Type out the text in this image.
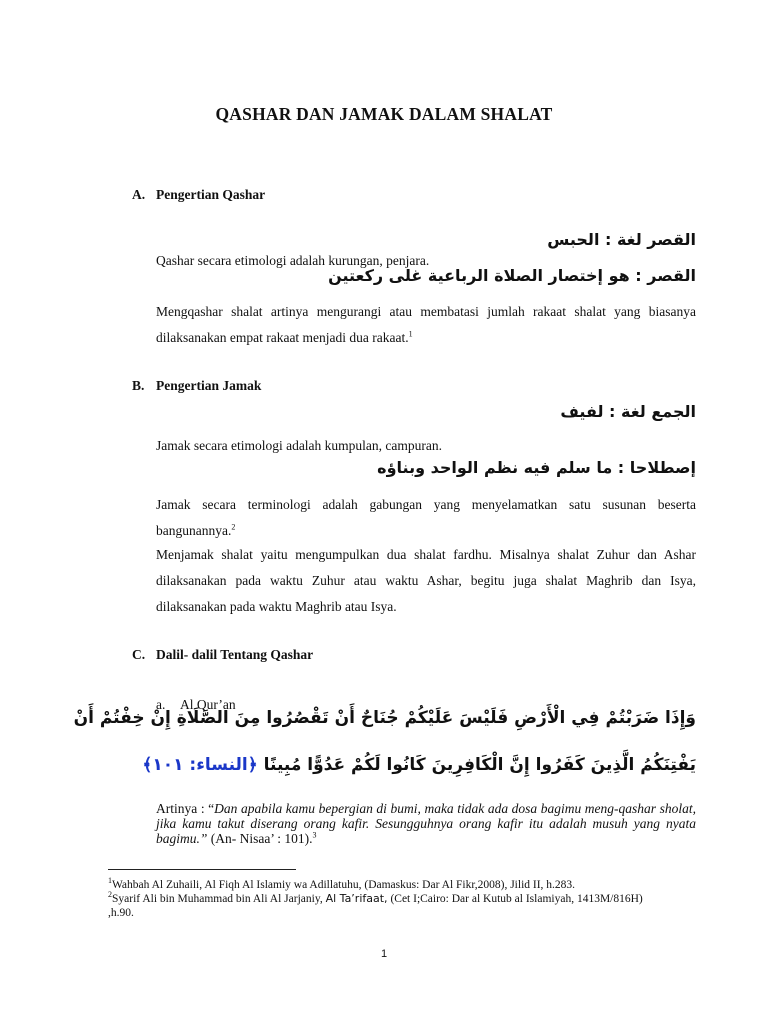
QASHAR DAN JAMAK DALAM SHALAT
A. Pengertian Qashar
القصر لغة : الحبس

Qashar secara etimologi adalah kurungan, penjara.

القصر : هو إختصار الصلاة الرباعية غلى ركعتين

Mengqashar shalat artinya mengurangi atau membatasi jumlah rakaat shalat yang biasanya dilaksanakan empat rakaat menjadi dua rakaat.$^1$

B. Pengertian Jamak
الجمع لغة : لفيف

Jamak secara etimologi adalah kumpulan, campuran.

إصطلاحا : ما سلم فيه نظم الواحد وبناؤه

Jamak secara terminologi adalah gabungan yang menyelamatkan satu susunan beserta bangunannya.$^2$

Menjamak shalat yaitu mengumpulkan dua shalat fardhu. Misalnya shalat Zuhur dan Ashar dilaksanakan pada waktu Zuhur atau waktu Ashar, begitu juga shalat Maghrib dan Isya, dilaksanakan pada waktu Maghrib atau Isya.

C. Dalil- dalil Tentang Qashar
a. Al Qur’an
وَإِذَا ضَرَبْتُمْ فِي الْأَرْضِ فَلَيْسَ عَلَيْكُمْ جُنَاحٌ أَنْ تَقْصُرُوا مِنَ الصَّلَاةِ إِنْ خِفْتُمْ أَنْ
يَفْتِنَكُمُ الَّذِينَ كَفَرُوا إِنَّ الْكَافِرِينَ كَانُوا لَكُمْ عَدُوًّا مُبِينًا ﴿النساء: ١٠١﴾

Artinya : “Dan apabila kamu bepergian di bumi, maka tidak ada dosa bagimu meng-qashar sholat, jika kamu takut diserang orang kafir. Sesungguhnya orang kafir itu adalah musuh yang nyata bagimu.” (An- Nisaa’ : 101).$^3$

$^1$Wahbah Al Zuhaili, Al Fiqh Al Islamiy wa Adillatuhu, (Damaskus: Dar Al Fikr,2008), Jilid II, h.283.

$^2$Syarif Ali bin Muhammad bin Ali Al Jarjaniy, Al Ta’rifaat, (Cet I;Cairo: Dar al Kutub al Islamiyah, 1413M/816H) ,h.90.

1
